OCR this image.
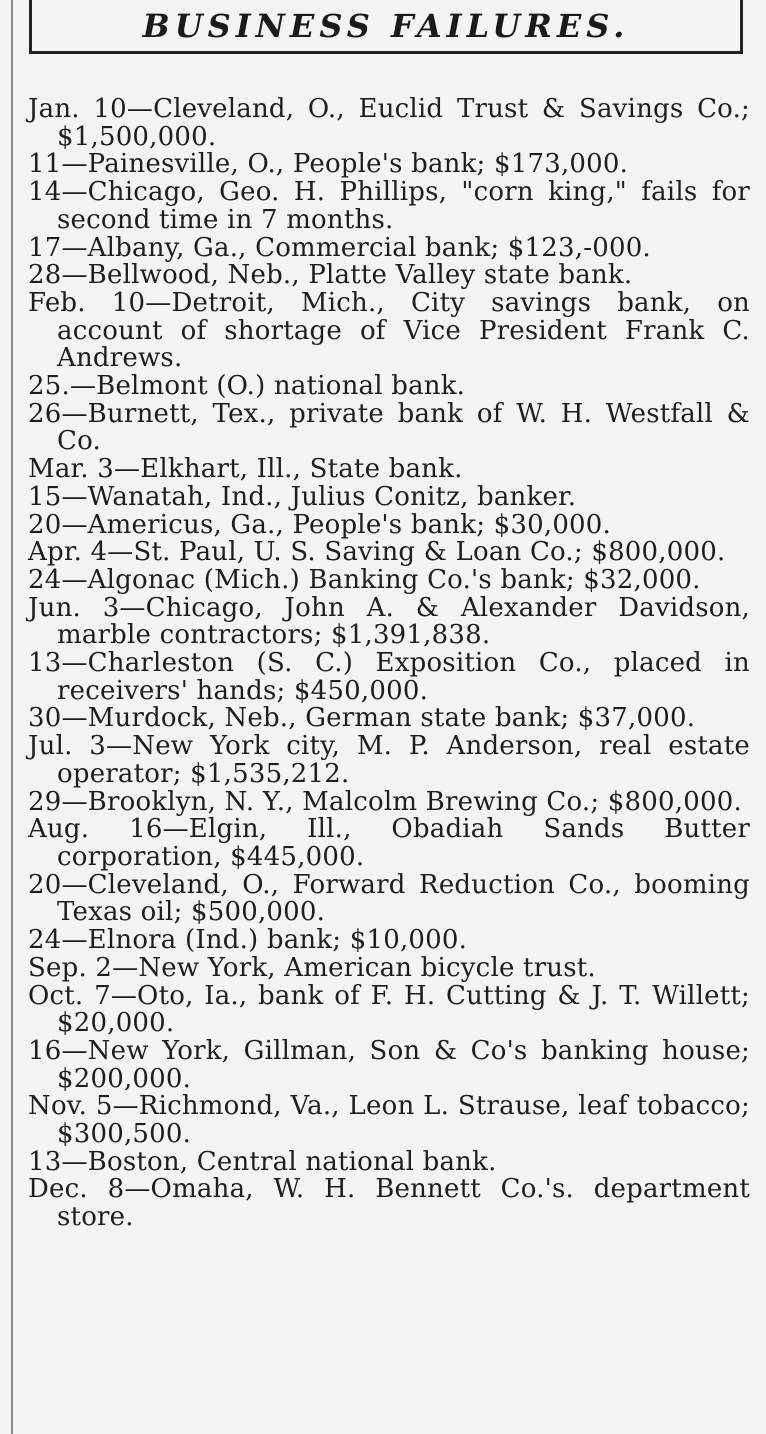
BUSINESS FAILURES.
Jan. 10—Cleveland, O., Euclid Trust & Savings Co.; $1,500,000.
11—Painesville, O., People's bank; $173,000.
14—Chicago, Geo. H. Phillips, "corn king," fails for second time in 7 months.
17—Albany, Ga., Commercial bank; $123,-000.
28—Bellwood, Neb., Platte Valley state bank.
Feb. 10—Detroit, Mich., City savings bank, on account of shortage of Vice President Frank C. Andrews.
25.—Belmont (O.) national bank.
26—Burnett, Tex., private bank of W. H. Westfall & Co.
Mar. 3—Elkhart, Ill., State bank.
15—Wanatah, Ind., Julius Conitz, banker.
20—Americus, Ga., People's bank; $30,000.
Apr. 4—St. Paul, U. S. Saving & Loan Co.; $800,000.
24—Algonac (Mich.) Banking Co.'s bank; $32,000.
Jun. 3—Chicago, John A. & Alexander Davidson, marble contractors; $1,391,838.
13—Charleston (S. C.) Exposition Co., placed in receivers' hands; $450,000.
30—Murdock, Neb., German state bank; $37,000.
Jul. 3—New York city, M. P. Anderson, real estate operator; $1,535,212.
29—Brooklyn, N. Y., Malcolm Brewing Co.; $800,000.
Aug. 16—Elgin, Ill., Obadiah Sands Butter corporation, $445,000.
20—Cleveland, O., Forward Reduction Co., booming Texas oil; $500,000.
24—Elnora (Ind.) bank; $10,000.
Sep. 2—New York, American bicycle trust.
Oct. 7—Oto, Ia., bank of F. H. Cutting & J. T. Willett; $20,000.
16—New York, Gillman, Son & Co's banking house; $200,000.
Nov. 5—Richmond, Va., Leon L. Strause, leaf tobacco; $300,500.
13—Boston, Central national bank.
Dec. 8—Omaha, W. H. Bennett Co.'s. department store.
